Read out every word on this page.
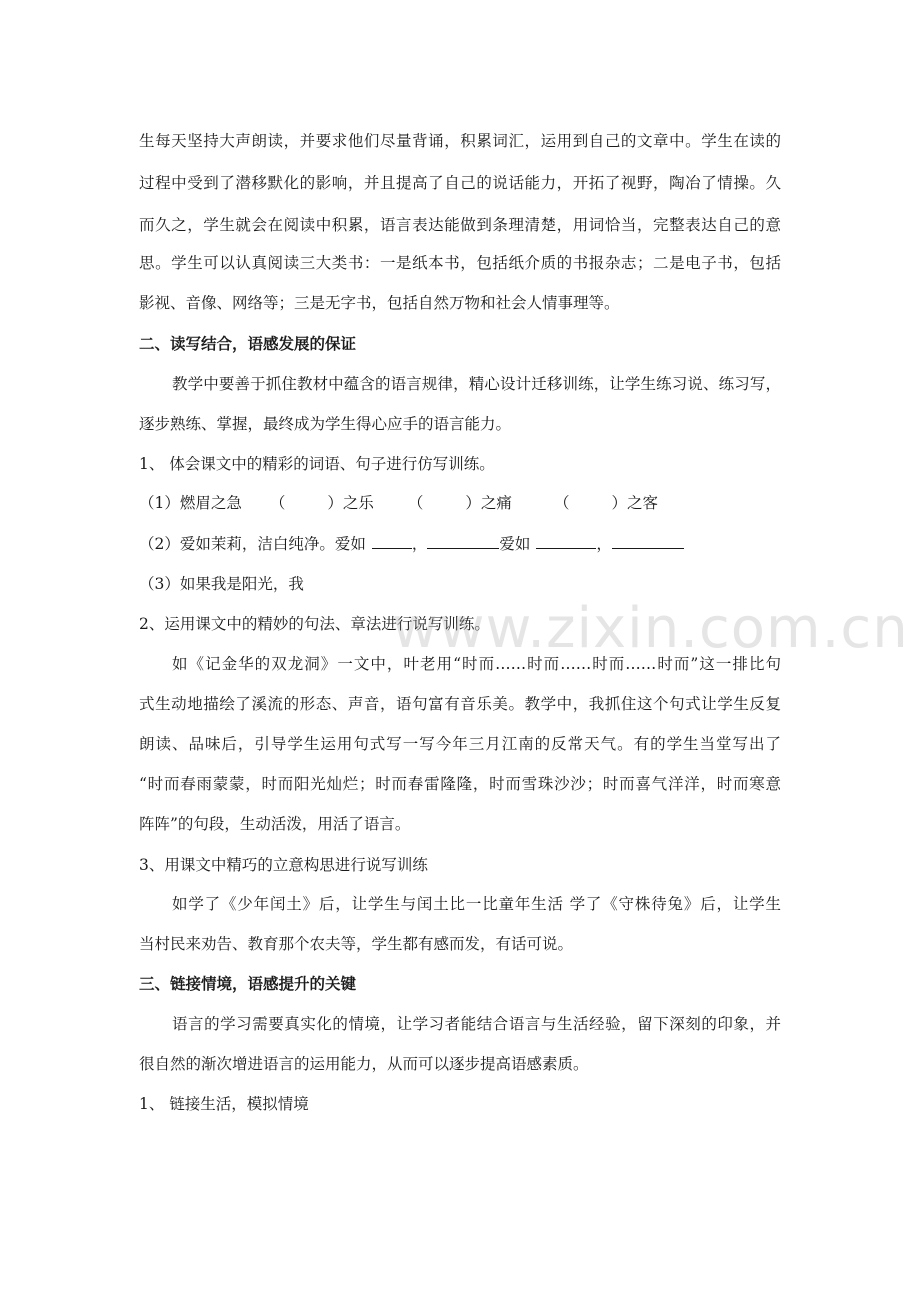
生每天坚持大声朗读，并要求他们尽量背诵，积累词汇，运用到自己的文章中。学生在读的
过程中受到了潜移默化的影响，并且提高了自己的说话能力，开拓了视野，陶冶了情操。久
而久之，学生就会在阅读中积累，语言表达能做到条理清楚，用词恰当，完整表达自己的意
思。学生可以认真阅读三大类书：一是纸本书，包括纸介质的书报杂志；二是电子书，包括
影视、音像、网络等；三是无字书，包括自然万物和社会人情事理等。
二、读写结合，语感发展的保证
教学中要善于抓住教材中蕴含的语言规律，精心设计迁移训练，让学生练习说、练习写，
逐步熟练、掌握，最终成为学生得心应手的语言能力。
1、 体会课文中的精彩的词语、句子进行仿写训练。
（1）燃眉之急 （	）之乐 （	）之痛	（	）之客
（2）爱如茉莉，洁白纯净。爱如	，	爱如	，
（3）如果我是阳光，我
2、运用课文中的精妙的句法、章法进行说写训练。
如《记金华的双龙洞》一文中，叶老用“时而……时而……时而……时而”这一排比句
式生动地描绘了溪流的形态、声音，语句富有音乐美。教学中，我抓住这个句式让学生反复
朗读、品味后，引导学生运用句式写一写今年三月江南的反常天气。有的学生当堂写出了
“时而春雨蒙蒙，时而阳光灿烂；时而春雷隆隆，时而雪珠沙沙；时而喜气洋洋，时而寒意
阵阵”的句段，生动活泼，用活了语言。
3、用课文中精巧的立意构思进行说写训练
如学了《少年闰土》后，让学生与闰土比一比童年生活 学了《守株待兔》后，让学生
当村民来劝告、教育那个农夫等，学生都有感而发，有话可说。
三、链接情境，语感提升的关键
语言的学习需要真实化的情境，让学习者能结合语言与生活经验，留下深刻的印象，并
很自然的渐次增进语言的运用能力，从而可以逐步提高语感素质。
1、 链接生活，模拟情境
www.zixin.com.cn
